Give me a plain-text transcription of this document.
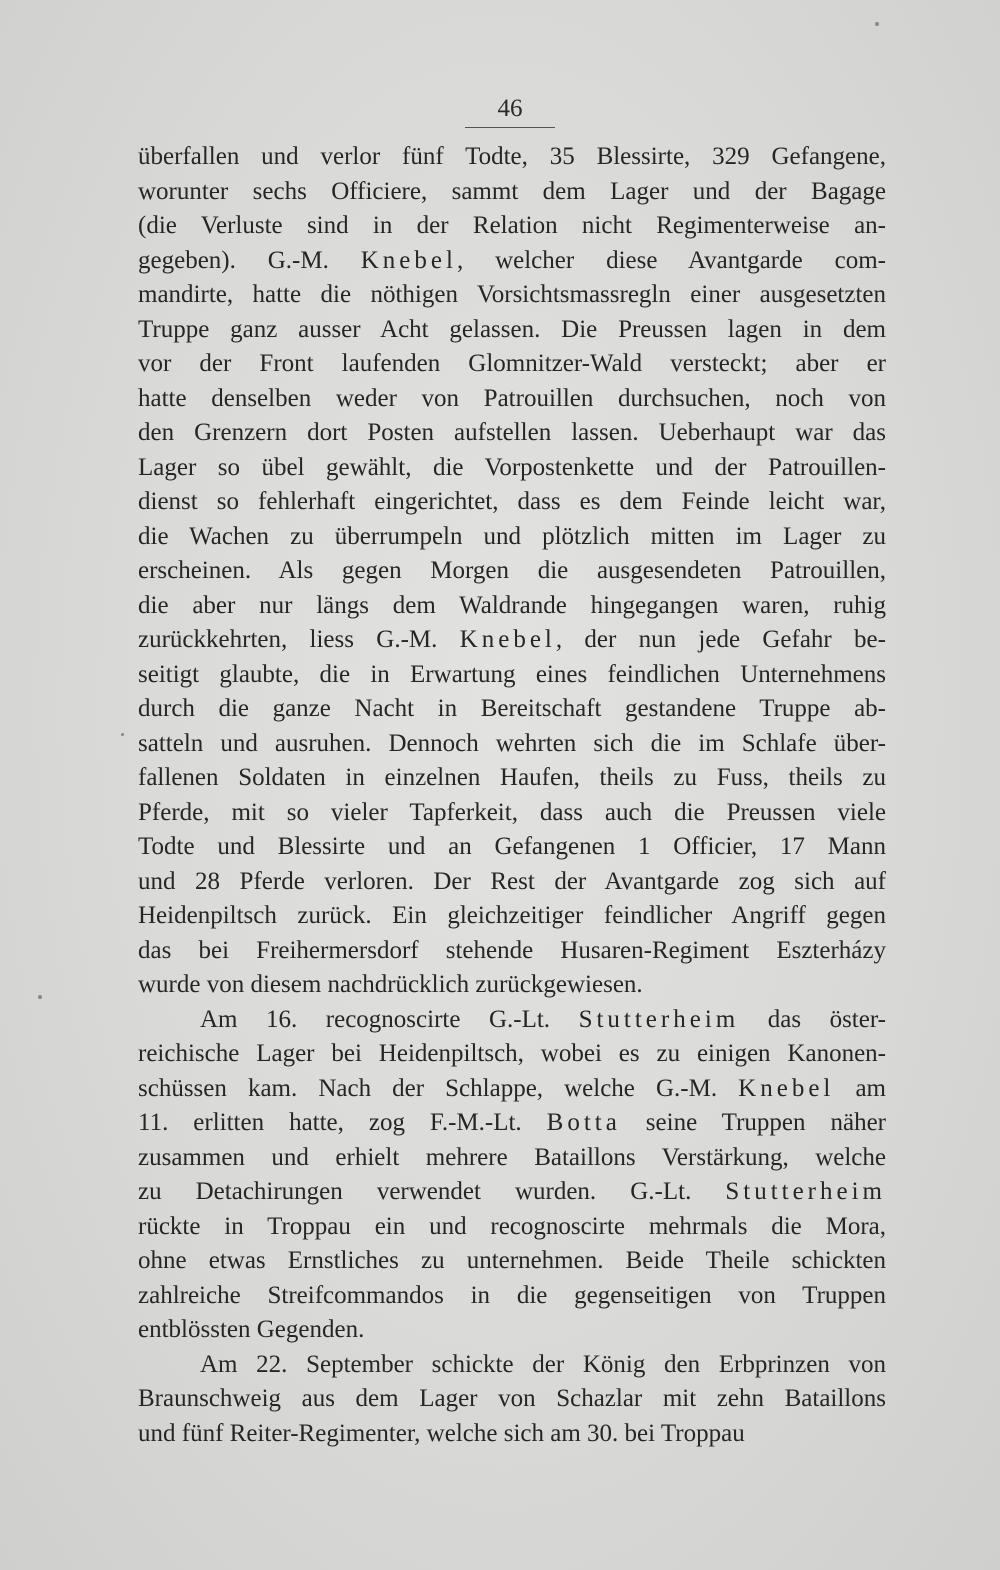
46
überfallen und verlor fünf Todte, 35 Blessirte, 329 Gefangene,
worunter sechs Officiere, sammt dem Lager und der Bagage
(die Verluste sind in der Relation nicht Regimenterweise an-
gegeben). G.-M. Knebel, welcher diese Avantgarde com-
mandirte, hatte die nöthigen Vorsichtsmassregln einer ausgesetzten
Truppe ganz ausser Acht gelassen. Die Preussen lagen in dem
vor der Front laufenden Glomnitzer-Wald versteckt; aber er
hatte denselben weder von Patrouillen durchsuchen, noch von
den Grenzern dort Posten aufstellen lassen. Ueberhaupt war das
Lager so übel gewählt, die Vorpostenkette und der Patrouillen-
dienst so fehlerhaft eingerichtet, dass es dem Feinde leicht war,
die Wachen zu überrumpeln und plötzlich mitten im Lager zu
erscheinen. Als gegen Morgen die ausgesendeten Patrouillen,
die aber nur längs dem Waldrande hingegangen waren, ruhig
zurückkehrten, liess G.-M. Knebel, der nun jede Gefahr be-
seitigt glaubte, die in Erwartung eines feindlichen Unternehmens
durch die ganze Nacht in Bereitschaft gestandene Truppe ab-
satteln und ausruhen. Dennoch wehrten sich die im Schlafe über-
fallenen Soldaten in einzelnen Haufen, theils zu Fuss, theils zu
Pferde, mit so vieler Tapferkeit, dass auch die Preussen viele
Todte und Blessirte und an Gefangenen 1 Officier, 17 Mann
und 28 Pferde verloren. Der Rest der Avantgarde zog sich auf
Heidenpiltsch zurück. Ein gleichzeitiger feindlicher Angriff gegen
das bei Freihermersdorf stehende Husaren-Regiment Eszterházy
wurde von diesem nachdrücklich zurückgewiesen.
Am 16. recognoscirte G.-Lt. Stutterheim das öster-
reichische Lager bei Heidenpiltsch, wobei es zu einigen Kanonen-
schüssen kam. Nach der Schlappe, welche G.-M. Knebel am
11. erlitten hatte, zog F.-M.-Lt. Botta seine Truppen näher
zusammen und erhielt mehrere Bataillons Verstärkung, welche
zu Detachirungen verwendet wurden. G.-Lt. Stutterheim
rückte in Troppau ein und recognoscirte mehrmals die Mora,
ohne etwas Ernstliches zu unternehmen. Beide Theile schickten
zahlreiche Streifcommandos in die gegenseitigen von Truppen
entblössten Gegenden.
Am 22. September schickte der König den Erbprinzen von
Braunschweig aus dem Lager von Schazlar mit zehn Bataillons
und fünf Reiter-Regimenter, welche sich am 30. bei Troppau
